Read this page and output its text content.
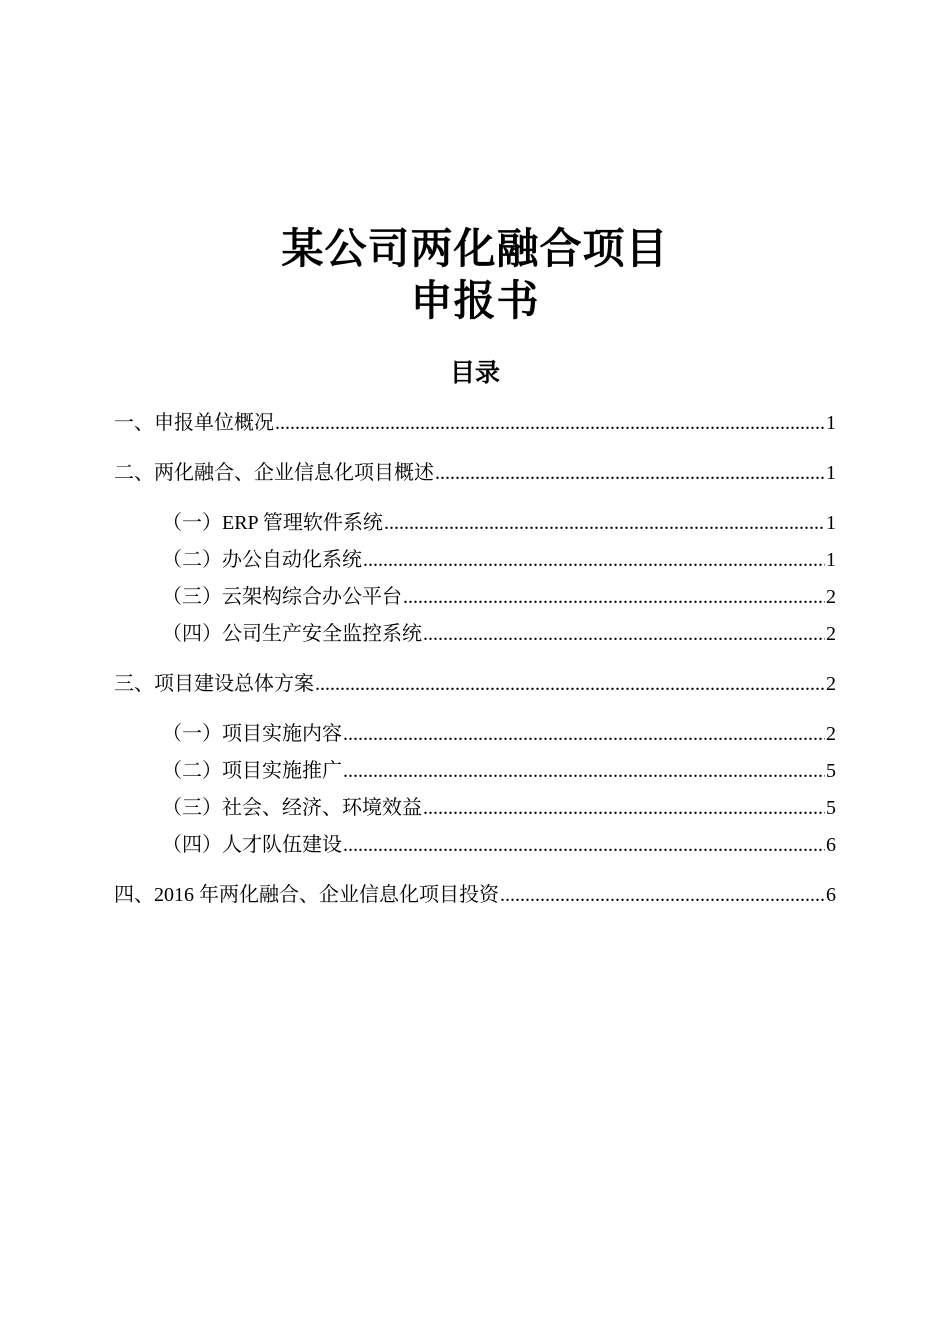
某公司两化融合项目
申报书
目录
一、申报单位概况 .....	1
二、两化融合、企业信息化项目概述 .....	1
（一）ERP 管理软件系统 .....	1
（二）办公自动化系统 .....	1
（三）云架构综合办公平台 .....	2
（四）公司生产安全监控系统 .....	2
三、项目建设总体方案 .....	2
（一）项目实施内容 .....	2
（二）项目实施推广 .....	5
（三）社会、经济、环境效益 .....	5
（四）人才队伍建设 .....	6
四、2016 年两化融合、企业信息化项目投资 .....	6
